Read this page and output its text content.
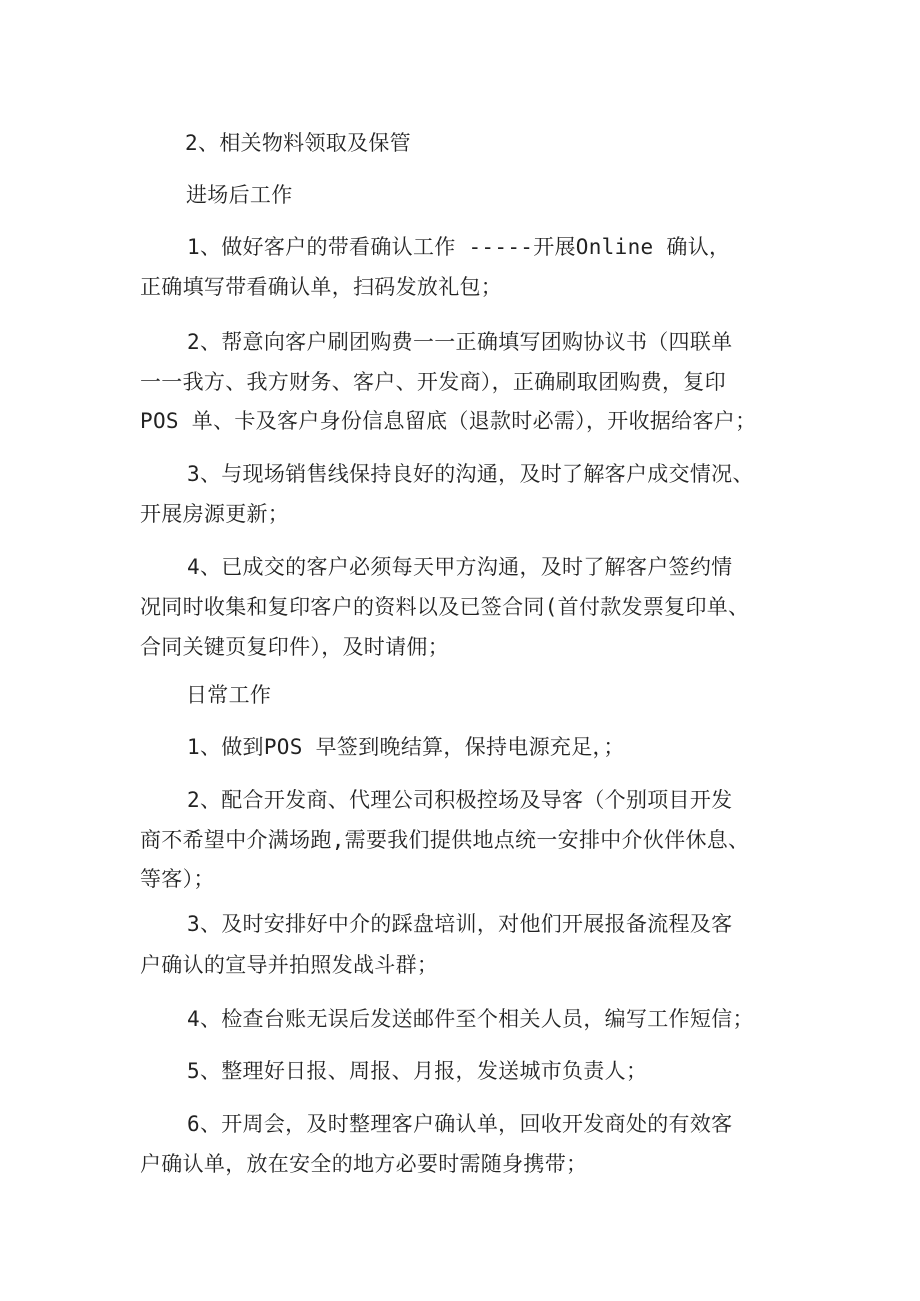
2、相关物料领取及保管
进场后工作
1、做好客户的带看确认工作 -----开展Online 确认，
正确填写带看确认单，扫码发放礼包；
2、帮意向客户刷团购费一一正确填写团购协议书（四联单
一一我方、我方财务、客户、开发商），正确刷取团购费，复印
POS 单、卡及客户身份信息留底（退款时必需），开收据给客户；
3、与现场销售线保持良好的沟通，及时了解客户成交情况、
开展房源更新；
4、已成交的客户必须每天甲方沟通，及时了解客户签约情
况同时收集和复印客户的资料以及已签合同(首付款发票复印单、
合同关键页复印件），及时请佣；
日常工作
1、做到POS 早签到晚结算，保持电源充足，；
2、配合开发商、代理公司积极控场及导客（个别项目开发
商不希望中介满场跑,需要我们提供地点统一安排中介伙伴休息、
等客）；
3、及时安排好中介的踩盘培训，对他们开展报备流程及客
户确认的宣导并拍照发战斗群；
4、检查台账无误后发送邮件至个相关人员，编写工作短信；
5、整理好日报、周报、月报，发送城市负责人；
6、开周会，及时整理客户确认单，回收开发商处的有效客
户确认单，放在安全的地方必要时需随身携带；
